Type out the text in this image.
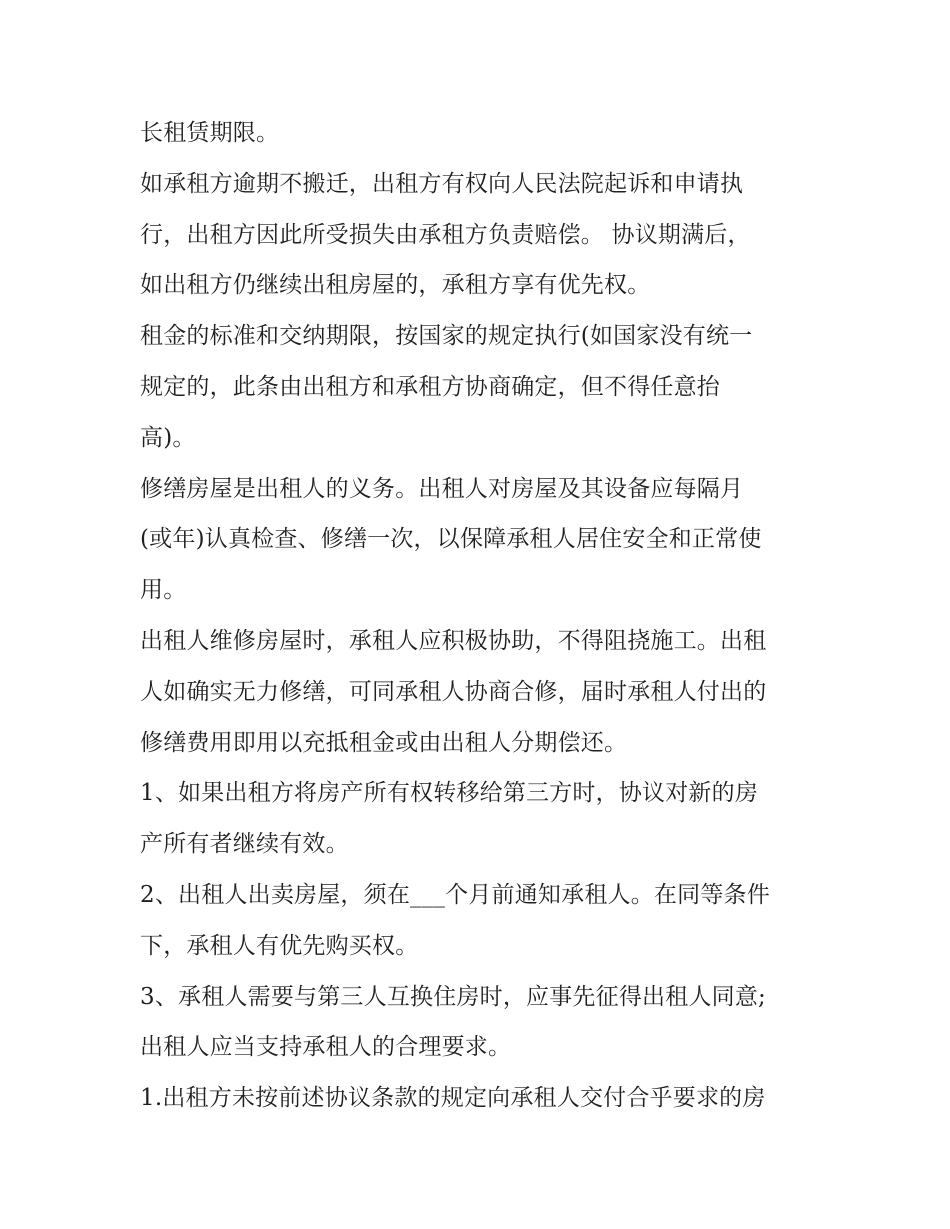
长租赁期限。
如承租方逾期不搬迁，出租方有权向人民法院起诉和申请执
行，出租方因此所受损失由承租方负责赔偿。 协议期满后，
如出租方仍继续出租房屋的，承租方享有优先权。
租金的标准和交纳期限，按国家的规定执行(如国家没有统一
规定的，此条由出租方和承租方协商确定，但不得任意抬
高)。
修缮房屋是出租人的义务。出租人对房屋及其设备应每隔月
(或年)认真检查、修缮一次，以保障承租人居住安全和正常使
用。
出租人维修房屋时，承租人应积极协助，不得阻挠施工。出租
人如确实无力修缮，可同承租人协商合修，届时承租人付出的
修缮费用即用以充抵租金或由出租人分期偿还。
1、如果出租方将房产所有权转移给第三方时，协议对新的房
产所有者继续有效。
2、出租人出卖房屋，须在___个月前通知承租人。在同等条件
下，承租人有优先购买权。
3、承租人需要与第三人互换住房时，应事先征得出租人同意;
出租人应当支持承租人的合理要求。
1.出租方未按前述协议条款的规定向承租人交付合乎要求的房
